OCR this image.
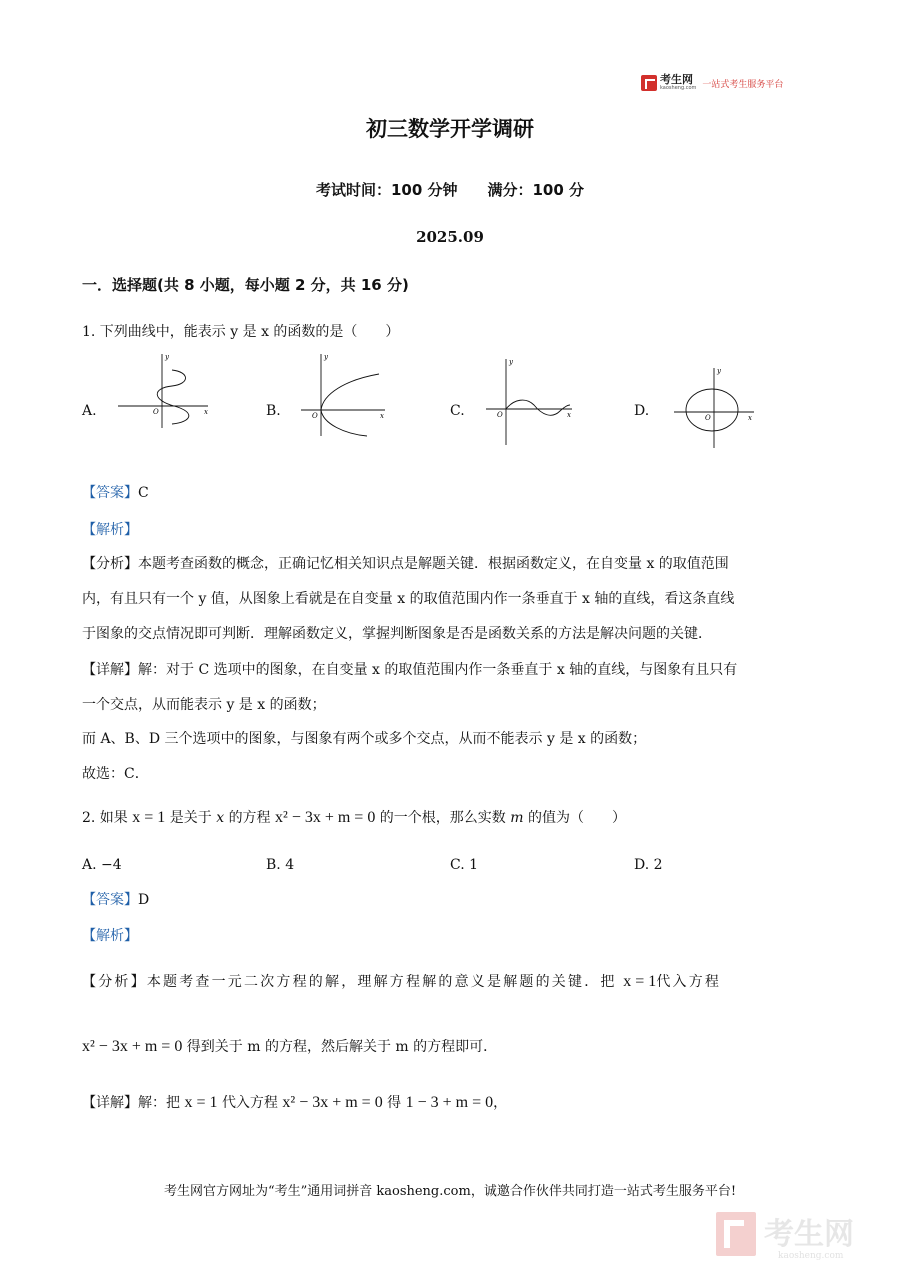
考生网
kaosheng.com 一站式考生服务平台
初三数学开学调研
考试时间：100 分钟　　满分：100 分
2025.09
一．选择题(共 8 小题，每小题 2 分，共 16 分)
1. 下列曲线中，能表示 y 是 x 的函数的是（　　）
A.	B.	C.	D.
y
x
O
y
x
O
y
x
O
y
x
O
【答案】C
【解析】
【分析】本题考查函数的概念，正确记忆相关知识点是解题关键．根据函数定义，在自变量 x 的取值范围
内，有且只有一个 y 值，从图象上看就是在自变量 x 的取值范围内作一条垂直于 x 轴的直线，看这条直线
于图象的交点情况即可判断．理解函数定义，掌握判断图象是否是函数关系的方法是解决问题的关键．
【详解】解：对于 C 选项中的图象，在自变量 x 的取值范围内作一条垂直于 x 轴的直线，与图象有且只有
一个交点，从而能表示 y 是 x 的函数；
而 A、B、D 三个选项中的图象，与图象有两个或多个交点，从而不能表示 y 是 x 的函数；
故选：C．
2. 如果 x = 1 是关于 x 的方程 x² − 3x + m = 0 的一个根，那么实数 m 的值为（　　）
A. −4	B. 4	C. 1	D. 2
【答案】D
【解析】
【分析】本题考查一元二次方程的解，理解方程解的意义是解题的关键．把 x = 1代入方程
x² − 3x + m = 0 得到关于 m 的方程，然后解关于 m 的方程即可．
【详解】解：把 x = 1 代入方程 x² − 3x + m = 0 得 1 − 3 + m = 0，
考生网官方网址为“考生”通用词拼音 kaosheng.com，诚邀合作伙伴共同打造一站式考生服务平台!
考生网
kaosheng.com
